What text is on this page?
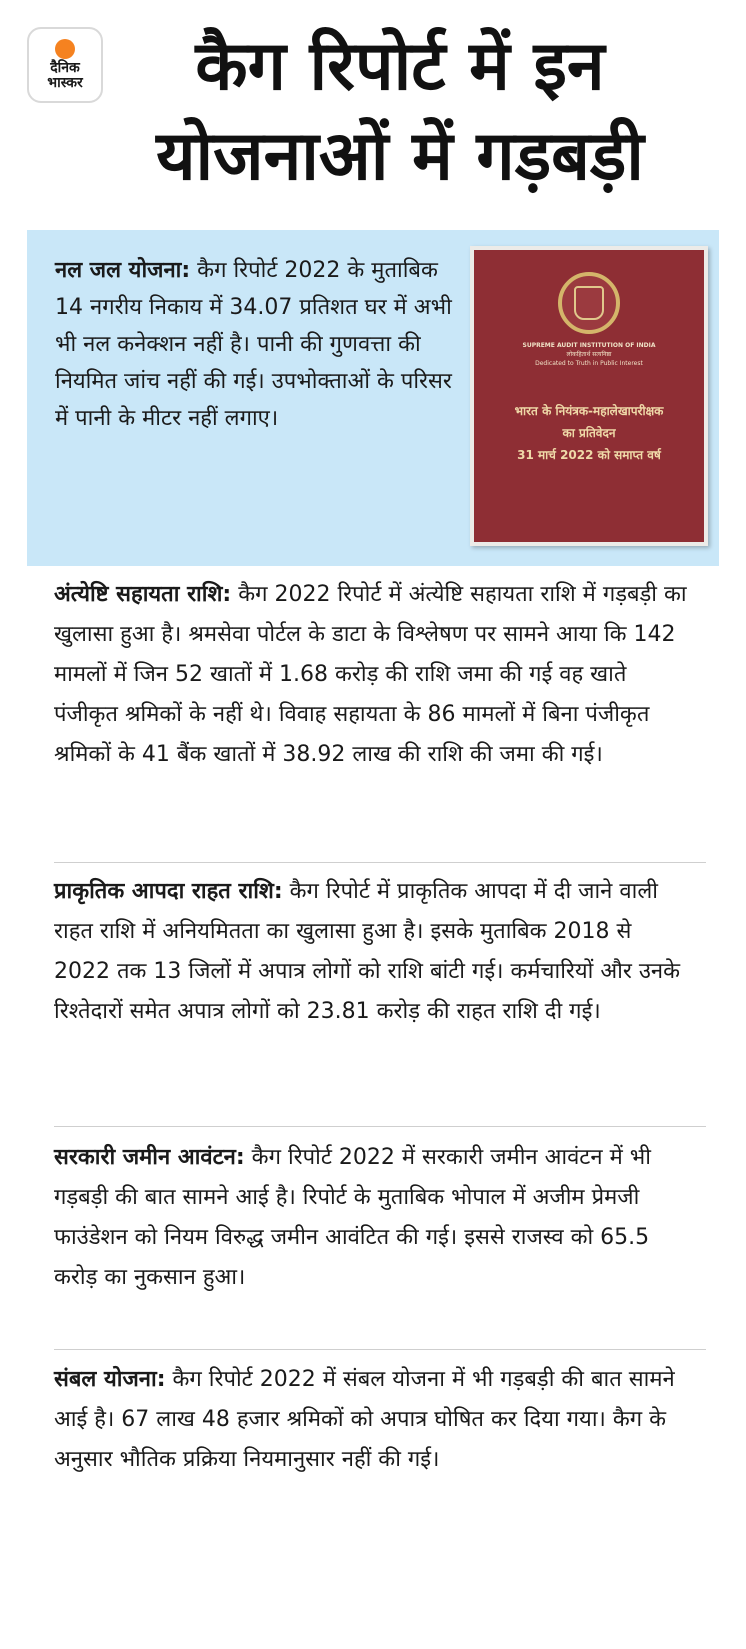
दैनिक
भास्कर	कैग रिपोर्ट में इन
योजनाओं में गड़बड़ी
नल जल योजना: कैग रिपोर्ट 2022 के मुताबिक 14 नगरीय निकाय में 34.07 प्रतिशत घर में अभी भी नल कनेक्शन नहीं है। पानी की गुणवत्ता की नियमित जांच नहीं की गई। उपभोक्ताओं के परिसर में पानी के मीटर नहीं लगाए।
SUPREME AUDIT INSTITUTION OF INDIA
लोकहितार्थ सत्यनिष्ठा
Dedicated to Truth in Public Interest
भारत के नियंत्रक-महालेखापरीक्षक
का प्रतिवेदन
31 मार्च 2022 को समाप्त वर्ष
अंत्येष्टि सहायता राशि: कैग 2022 रिपोर्ट में अंत्येष्टि सहायता राशि में गड़बड़ी का खुलासा हुआ है। श्रमसेवा पोर्टल के डाटा के विश्लेषण पर सामने आया कि 142 मामलों में जिन 52 खातों में 1.68 करोड़ की राशि जमा की गई वह खाते पंजीकृत श्रमिकों के नहीं थे। विवाह सहायता के 86 मामलों में बिना पंजीकृत श्रमिकों के 41 बैंक खातों में 38.92 लाख की राशि की जमा की गई।
प्राकृतिक आपदा राहत राशि: कैग रिपोर्ट में प्राकृतिक आपदा में दी जाने वाली राहत राशि में अनियमितता का खुलासा हुआ है। इसके मुताबिक 2018 से 2022 तक 13 जिलों में अपात्र लोगों को राशि बांटी गई। कर्मचारियों और उनके रिश्तेदारों समेत अपात्र लोगों को 23.81 करोड़ की राहत राशि दी गई।
सरकारी जमीन आवंटन: कैग रिपोर्ट 2022 में सरकारी जमीन आवंटन में भी गड़बड़ी की बात सामने आई है। रिपोर्ट के मुताबिक भोपाल में अजीम प्रेमजी फाउंडेशन को नियम विरुद्ध जमीन आवंटित की गई। इससे राजस्व को 65.5 करोड़ का नुकसान हुआ।
संबल योजना: कैग रिपोर्ट 2022 में संबल योजना में भी गड़बड़ी की बात सामने आई है। 67 लाख 48 हजार श्रमिकों को अपात्र घोषित कर दिया गया। कैग के अनुसार भौतिक प्रक्रिया नियमानुसार नहीं की गई।
